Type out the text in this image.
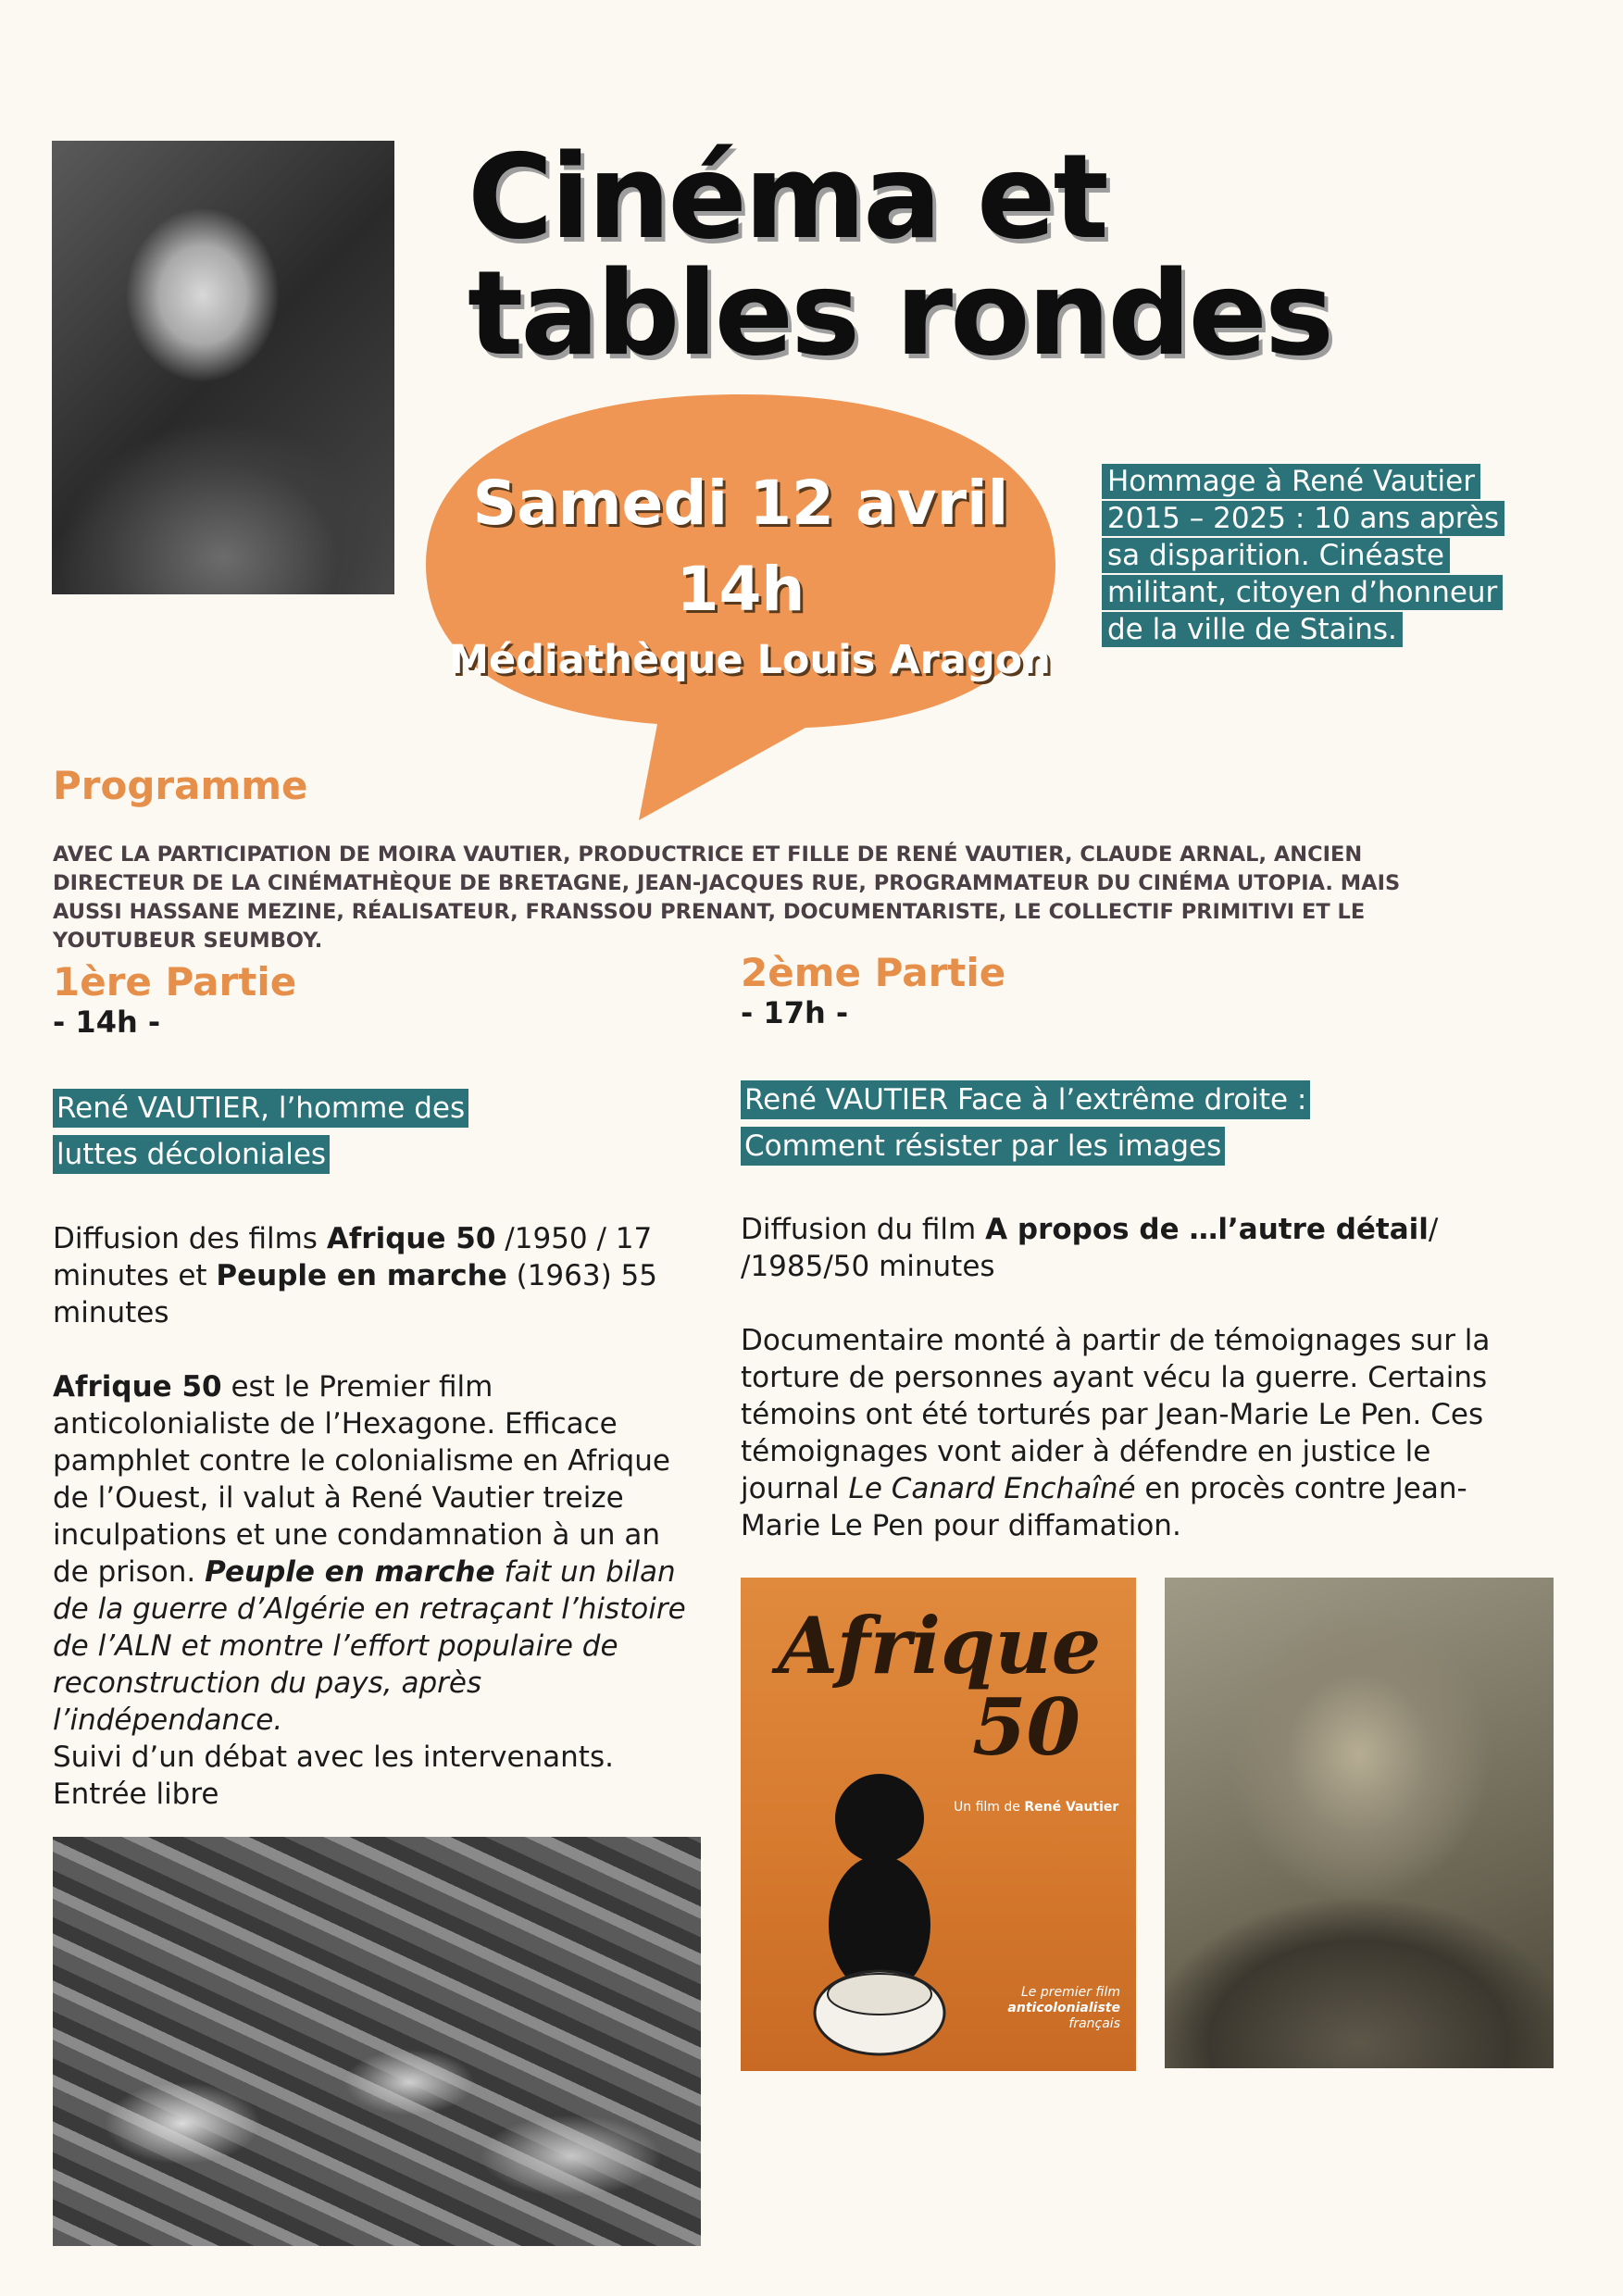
Cinéma et
tables rondes
Samedi 12 avril
14h
Médiathèque Louis Aragon
Hommage à René Vautier
2015 – 2025 : 10 ans après
sa disparition. Cinéaste
militant, citoyen d’honneur
de la ville de Stains.
Programme
AVEC LA PARTICIPATION DE MOIRA VAUTIER, PRODUCTRICE ET FILLE DE RENÉ VAUTIER, CLAUDE ARNAL, ANCIEN DIRECTEUR DE LA CINÉMATHÈQUE DE BRETAGNE, JEAN-JACQUES RUE, PROGRAMMATEUR DU CINÉMA UTOPIA. MAIS AUSSI HASSANE MEZINE, RÉALISATEUR, FRANSSOU PRENANT, DOCUMENTARISTE, LE COLLECTIF PRIMITIVI ET LE YOUTUBEUR SEUMBOY.
1ère Partie
- 14h -
René VAUTIER, l’homme des
luttes décoloniales
Diffusion des films Afrique 50 /1950 / 17 minutes et Peuple en marche (1963) 55 minutes
Afrique 50 est le Premier film anticolonialiste de l’Hexagone. Efficace pamphlet contre le colonialisme en Afrique de l’Ouest, il valut à René Vautier treize inculpations et une condamnation à un an de prison. Peuple en marche fait un bilan de la guerre d’Algérie en retraçant l’histoire de l’ALN et montre l’effort populaire de reconstruction du pays, après l’indépendance.
Suivi d’un débat avec les intervenants.
Entrée libre
2ème Partie
- 17h -
René VAUTIER Face à l’extrême droite :
Comment résister par les images
Diffusion du film A propos de …l’autre détail/ /1985/50 minutes
Documentaire monté à partir de témoignages sur la torture de personnes ayant vécu la guerre. Certains témoins ont été torturés par Jean-Marie Le Pen. Ces témoignages vont aider à défendre en justice le journal Le Canard Enchaîné en procès contre Jean-Marie Le Pen pour diffamation.
Afrique
50
Un film de René Vautier
Le premier film
anticolonialiste
français
